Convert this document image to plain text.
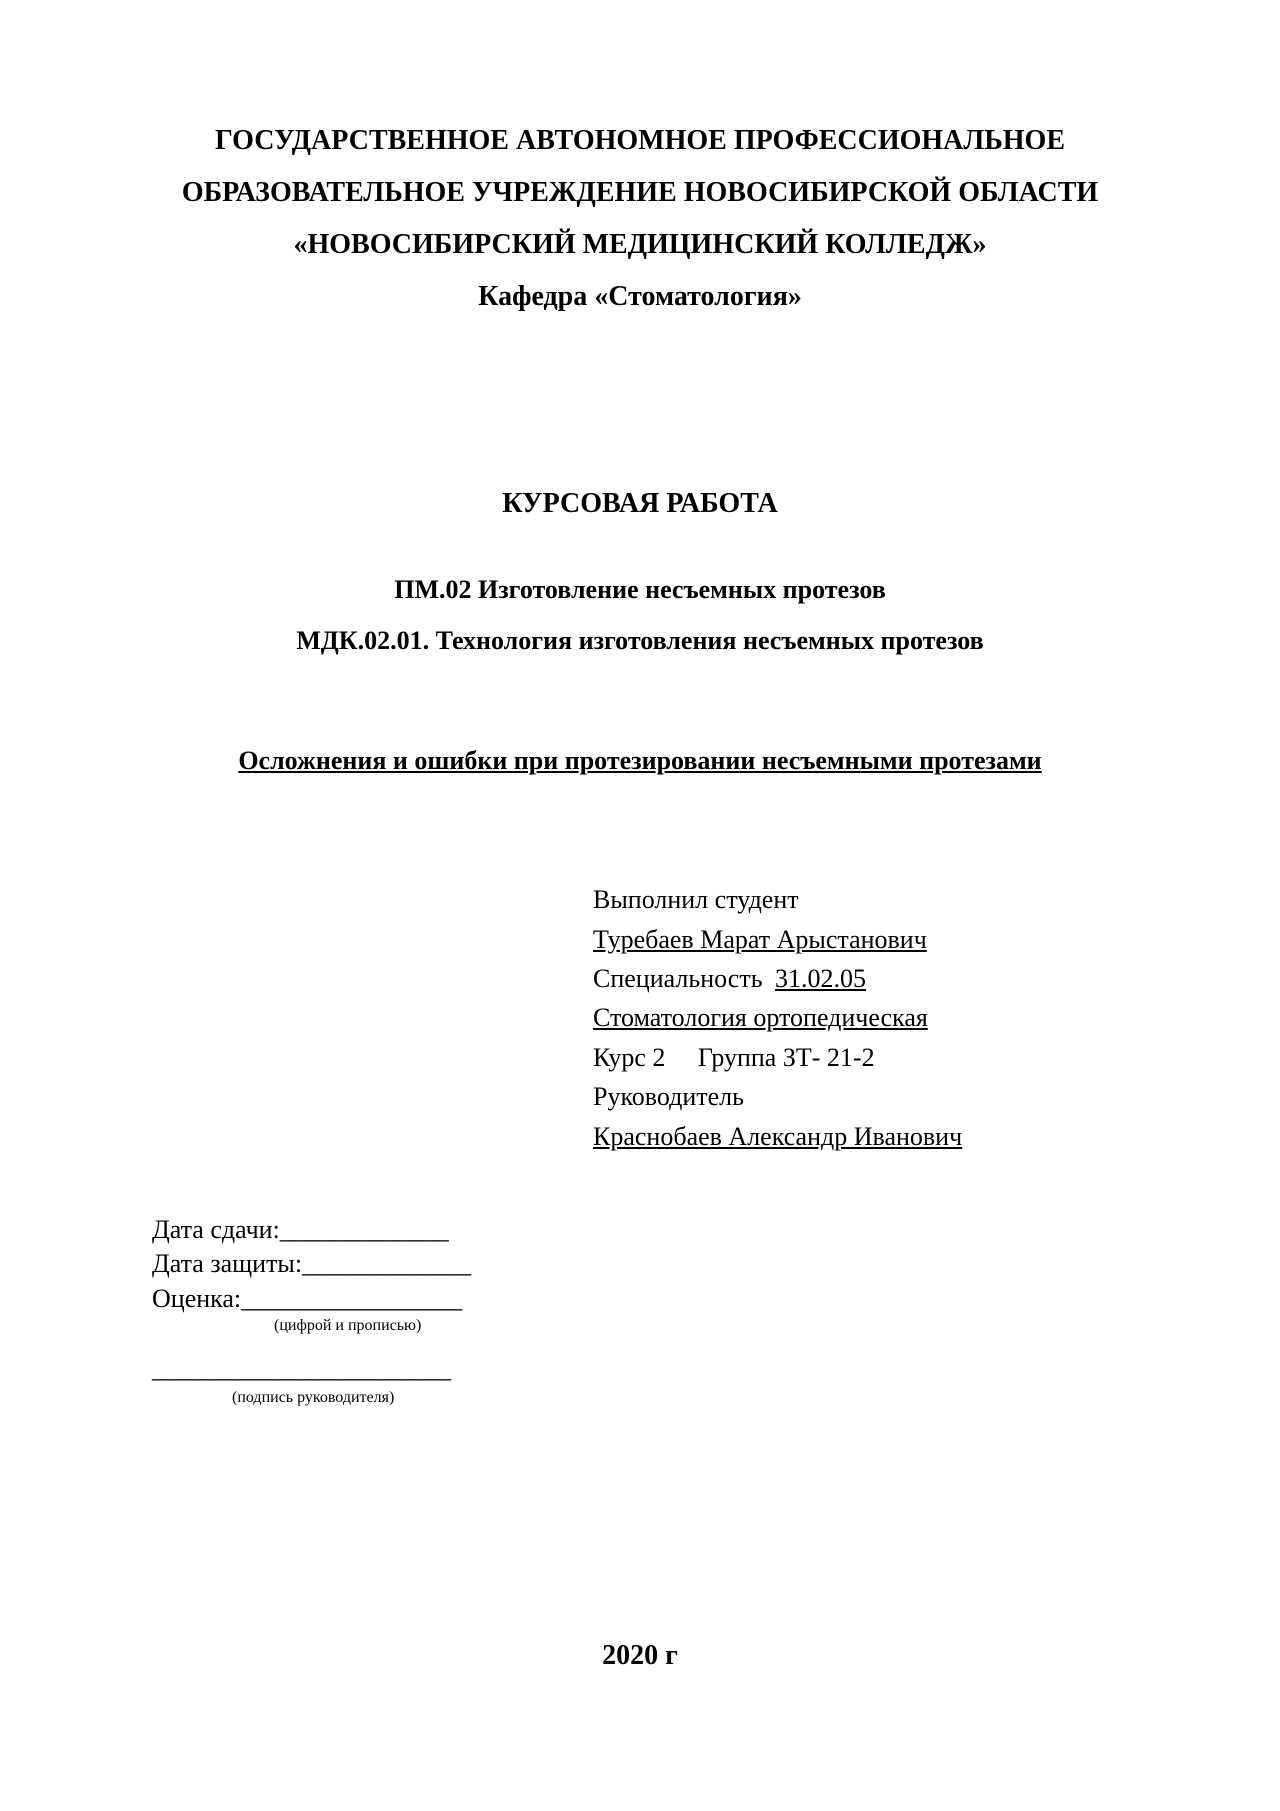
ГОСУДАРСТВЕННОЕ АВТОНОМНОЕ ПРОФЕССИОНАЛЬНОЕ
ОБРАЗОВАТЕЛЬНОЕ УЧРЕЖДЕНИЕ НОВОСИБИРСКОЙ ОБЛАСТИ
«НОВОСИБИРСКИЙ МЕДИЦИНСКИЙ КОЛЛЕДЖ»
Кафедра «Стоматология»
КУРСОВАЯ РАБОТА
ПМ.02 Изготовление несъемных протезов
МДК.02.01. Технология изготовления несъемных протезов
Осложнения и ошибки при протезировании несъемными протезами
Выполнил студент
Туребаев Марат Арыстанович
Специальность 31.02.05
Стоматология ортопедическая
Курс 2     Группа ЗТ- 21-2
Руководитель
Краснобаев Александр Иванович
Дата сдачи:_____________
Дата защиты:_____________
Оценка:_________________
(цифрой и прописью)
_______________________
(подпись руководителя)
2020 г
